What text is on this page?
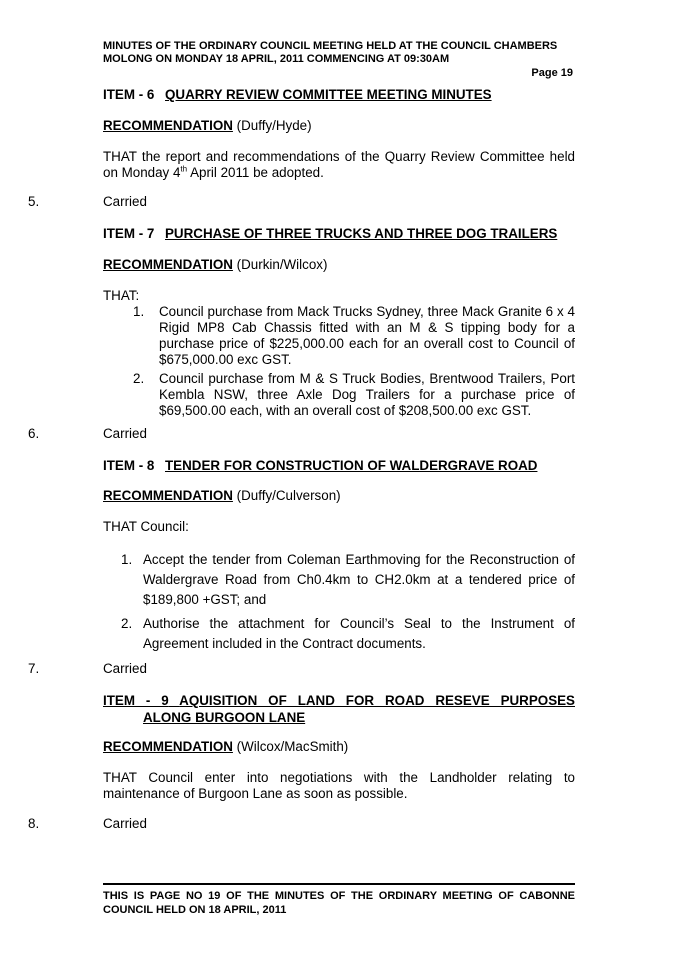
MINUTES OF THE ORDINARY COUNCIL MEETING HELD AT THE COUNCIL CHAMBERS
MOLONG ON MONDAY 18 APRIL, 2011 COMMENCING AT 09:30AM
Page 19
ITEM - 6 QUARRY REVIEW COMMITTEE MEETING MINUTES
RECOMMENDATION (Duffy/Hyde)
THAT the report and recommendations of the Quarry Review Committee held on Monday 4th April 2011 be adopted.
5.	Carried
ITEM - 7 PURCHASE OF THREE TRUCKS AND THREE DOG TRAILERS
RECOMMENDATION (Durkin/Wilcox)
THAT:
1. Council purchase from Mack Trucks Sydney, three Mack Granite 6 x 4 Rigid MP8 Cab Chassis fitted with an M & S tipping body for a purchase price of $225,000.00 each for an overall cost to Council of $675,000.00 exc GST.
2. Council purchase from M & S Truck Bodies, Brentwood Trailers, Port Kembla NSW, three Axle Dog Trailers for a purchase price of $69,500.00 each, with an overall cost of $208,500.00 exc GST.
6.	Carried
ITEM - 8 TENDER FOR CONSTRUCTION OF WALDERGRAVE ROAD
RECOMMENDATION (Duffy/Culverson)
THAT Council:
1. Accept the tender from Coleman Earthmoving for the Reconstruction of Waldergrave Road from Ch0.4km to CH2.0km at a tendered price of $189,800 +GST; and
2. Authorise the attachment for Council’s Seal to the Instrument of Agreement included in the Contract documents.
7.	Carried
ITEM - 9 AQUISITION OF LAND FOR ROAD RESEVE PURPOSES
ALONG BURGOON LANE
RECOMMENDATION (Wilcox/MacSmith)
THAT Council enter into negotiations with the Landholder relating to maintenance of Burgoon Lane as soon as possible.
8.	Carried
THIS IS PAGE NO 19 OF THE MINUTES OF THE ORDINARY MEETING OF CABONNE COUNCIL HELD ON 18 APRIL, 2011
